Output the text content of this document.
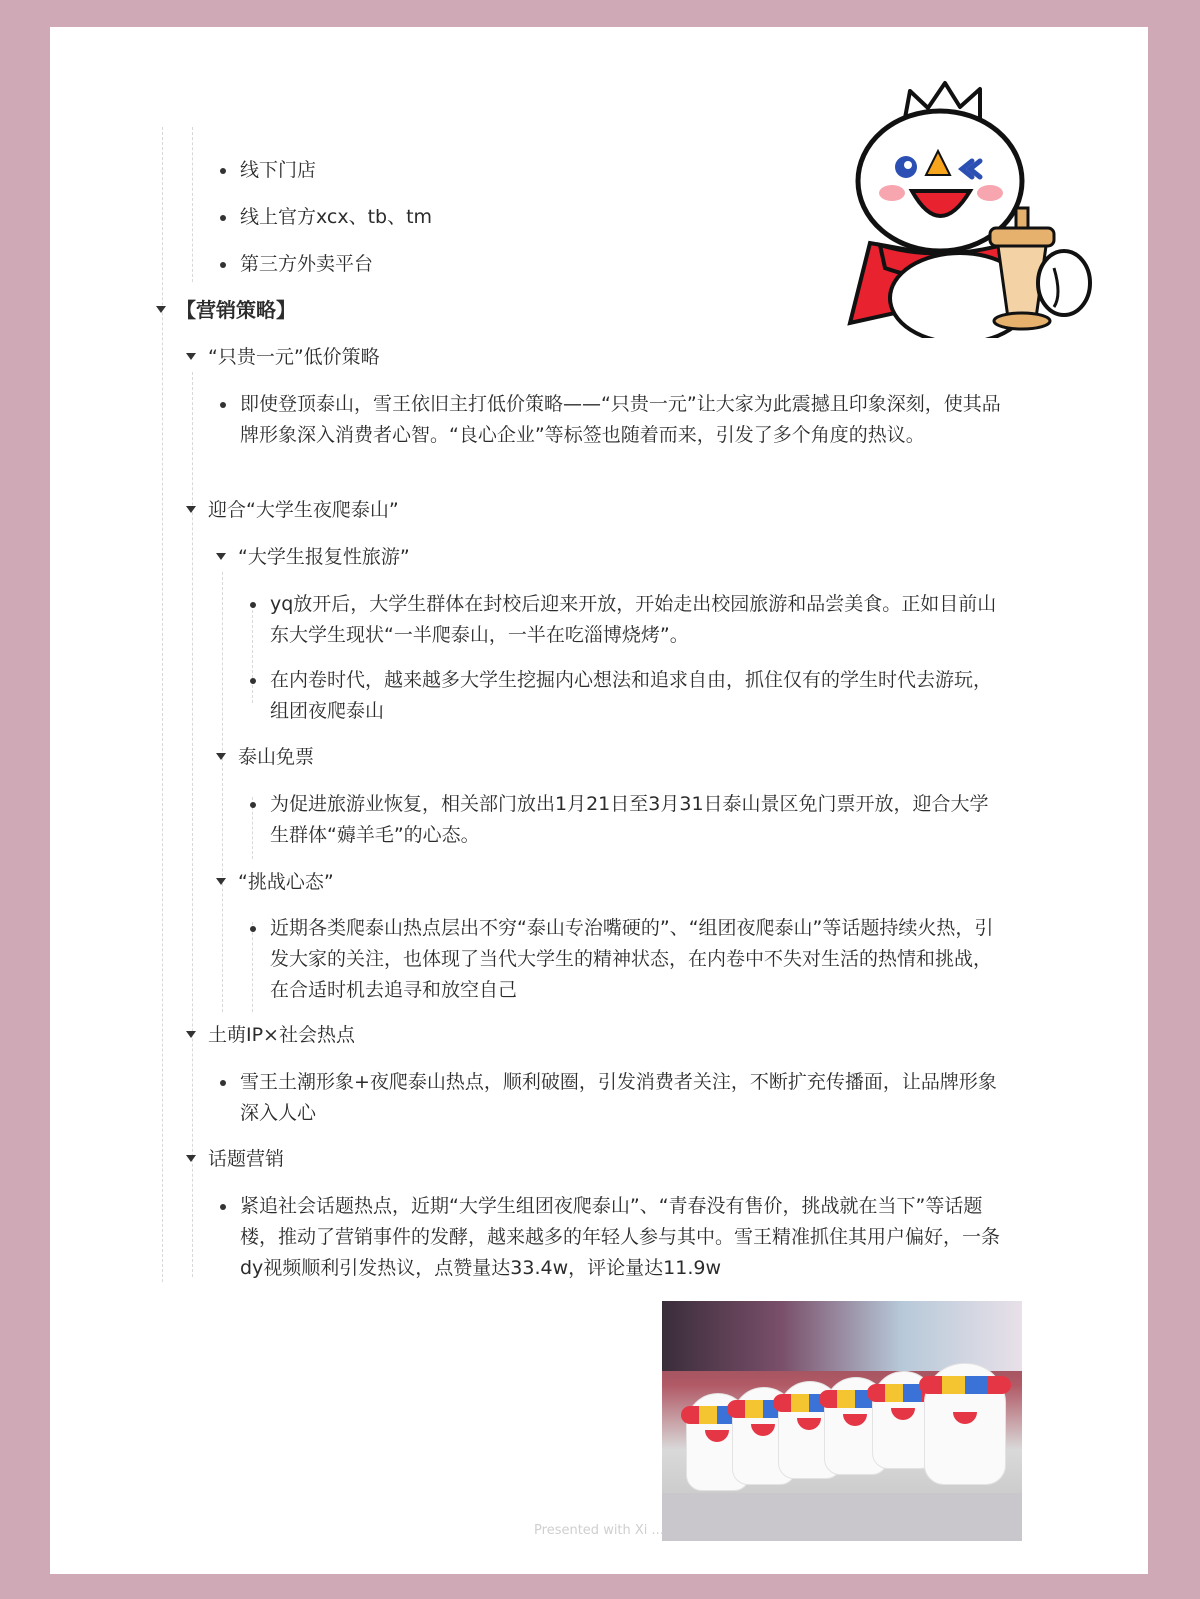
线下门店
线上官方xcx、tb、tm
第三方外卖平台
【营销策略】
“只贵一元”低价策略
即使登顶泰山，雪王依旧主打低价策略——“只贵一元”让大家为此震撼且印象深刻，使其品牌形象深入消费者心智。“良心企业”等标签也随着而来，引发了多个角度的热议。
迎合“大学生夜爬泰山”
“大学生报复性旅游”
yq放开后，大学生群体在封校后迎来开放，开始走出校园旅游和品尝美食。正如目前山东大学生现状“一半爬泰山，一半在吃淄博烧烤”。
在内卷时代，越来越多大学生挖掘内心想法和追求自由，抓住仅有的学生时代去游玩，组团夜爬泰山
泰山免票
为促进旅游业恢复，相关部门放出1月21日至3月31日泰山景区免门票开放，迎合大学生群体“薅羊毛”的心态。
“挑战心态”
近期各类爬泰山热点层出不穷“泰山专治嘴硬的”、“组团夜爬泰山”等话题持续火热，引发大家的关注，也体现了当代大学生的精神状态，在内卷中不失对生活的热情和挑战，在合适时机去追寻和放空自己
土萌IP×社会热点
雪王土潮形象+夜爬泰山热点，顺利破圈，引发消费者关注，不断扩充传播面，让品牌形象深入人心
话题营销
紧追社会话题热点，近期“大学生组团夜爬泰山”、“青春没有售价，挑战就在当下”等话题楼，推动了营销事件的发酵，越来越多的年轻人参与其中。雪王精准抓住其用户偏好，一条dy视频顺利引发热议，点赞量达33.4w，评论量达11.9w
Presented with Xi ...
